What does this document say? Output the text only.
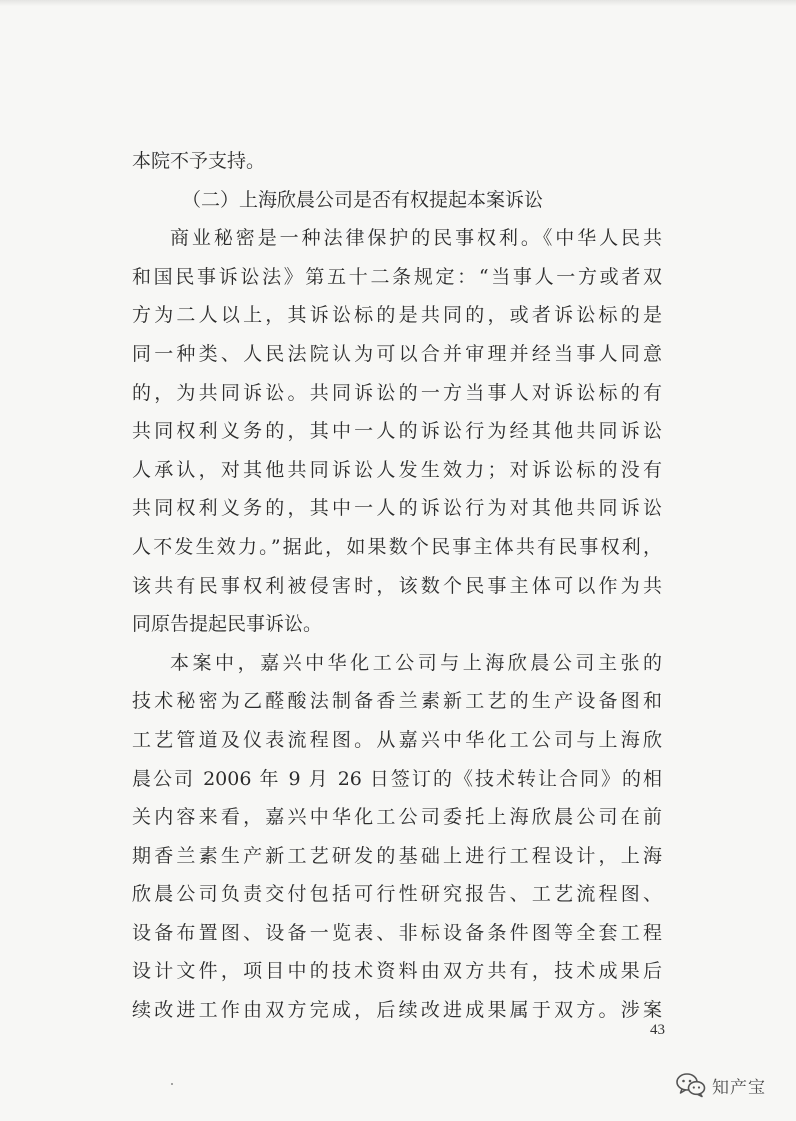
本院不予支持。
（二）上海欣晨公司是否有权提起本案诉讼
商业秘密是一种法律保护的民事权利。《中华人民共
和国民事诉讼法》第五十二条规定：“当事人一方或者双
方为二人以上，其诉讼标的是共同的，或者诉讼标的是
同一种类、人民法院认为可以合并审理并经当事人同意
的，为共同诉讼。共同诉讼的一方当事人对诉讼标的有
共同权利义务的，其中一人的诉讼行为经其他共同诉讼
人承认，对其他共同诉讼人发生效力；对诉讼标的没有
共同权利义务的，其中一人的诉讼行为对其他共同诉讼
人不发生效力。”据此，如果数个民事主体共有民事权利，
该共有民事权利被侵害时，该数个民事主体可以作为共
同原告提起民事诉讼。
本案中，嘉兴中华化工公司与上海欣晨公司主张的
技术秘密为乙醛酸法制备香兰素新工艺的生产设备图和
工艺管道及仪表流程图。从嘉兴中华化工公司与上海欣
晨公司 2006 年 9 月 26 日签订的《技术转让合同》的相
关内容来看，嘉兴中华化工公司委托上海欣晨公司在前
期香兰素生产新工艺研发的基础上进行工程设计，上海
欣晨公司负责交付包括可行性研究报告、工艺流程图、
设备布置图、设备一览表、非标设备条件图等全套工程
设计文件，项目中的技术资料由双方共有，技术成果后
续改进工作由双方完成，后续改进成果属于双方。涉案
43
知产宝
